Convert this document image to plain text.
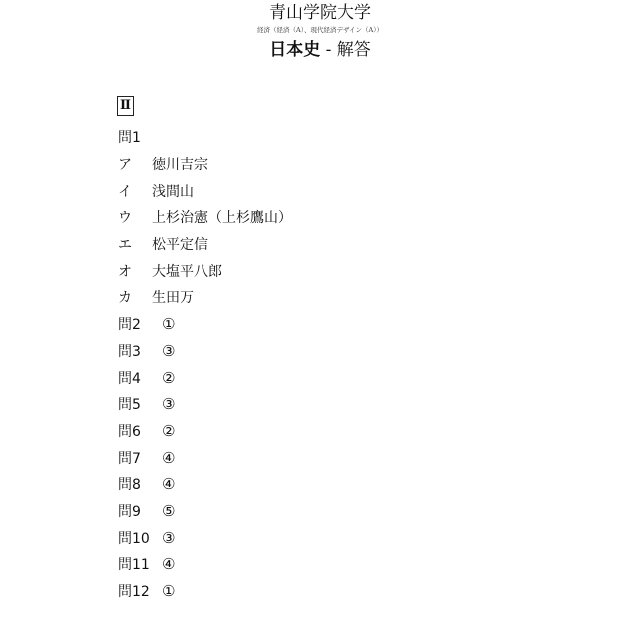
青山学院大学
経済（経済（A）、現代経済デザイン（A））
日本史 - 解答
Ⅱ
問1
ア	徳川吉宗
イ	浅間山
ウ	上杉治憲（上杉鷹山）
エ	松平定信
オ	大塩平八郎
カ	生田万
問2	①
問3	③
問4	②
問5	③
問6	②
問7	④
問8	④
問9	⑤
問10 ③
問11 ④
問12 ①
